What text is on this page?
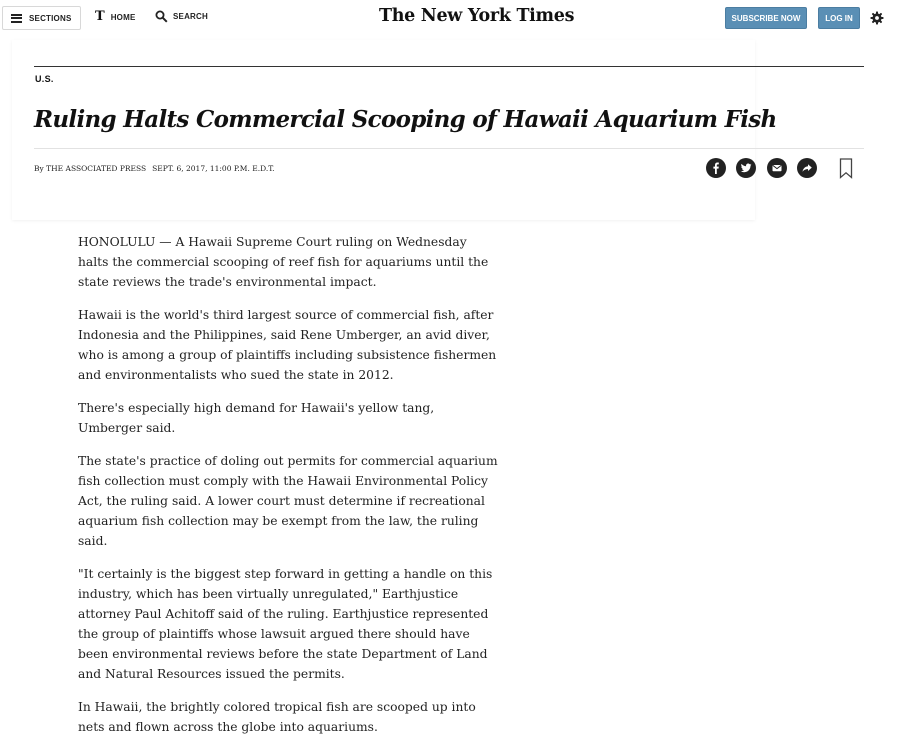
SECTIONS T HOME	SEARCH	The New York Times	SUBSCRIBE NOW	LOG IN
U.S.
Ruling Halts Commercial Scooping of Hawaii Aquarium Fish
By THE ASSOCIATED PRESS SEPT. 6, 2017, 11:00 P.M. E.D.T.

HONOLULU — A Hawaii Supreme Court ruling on Wednesday halts the commercial scooping of reef fish for aquariums until the state reviews the trade's environmental impact.

Hawaii is the world's third largest source of commercial fish, after Indonesia and the Philippines, said Rene Umberger, an avid diver, who is among a group of plaintiffs including subsistence fishermen and environmentalists who sued the state in 2012.

There's especially high demand for Hawaii's yellow tang, Umberger said.

The state's practice of doling out permits for commercial aquarium fish collection must comply with the Hawaii Environmental Policy Act, the ruling said. A lower court must determine if recreational aquarium fish collection may be exempt from the law, the ruling said.

"It certainly is the biggest step forward in getting a handle on this industry, which has been virtually unregulated," Earthjustice attorney Paul Achitoff said of the ruling. Earthjustice represented the group of plaintiffs whose lawsuit argued there should have been environmental reviews before the state Department of Land and Natural Resources issued the permits.

In Hawaii, the brightly colored tropical fish are scooped up into nets and flown across the globe into aquariums.
